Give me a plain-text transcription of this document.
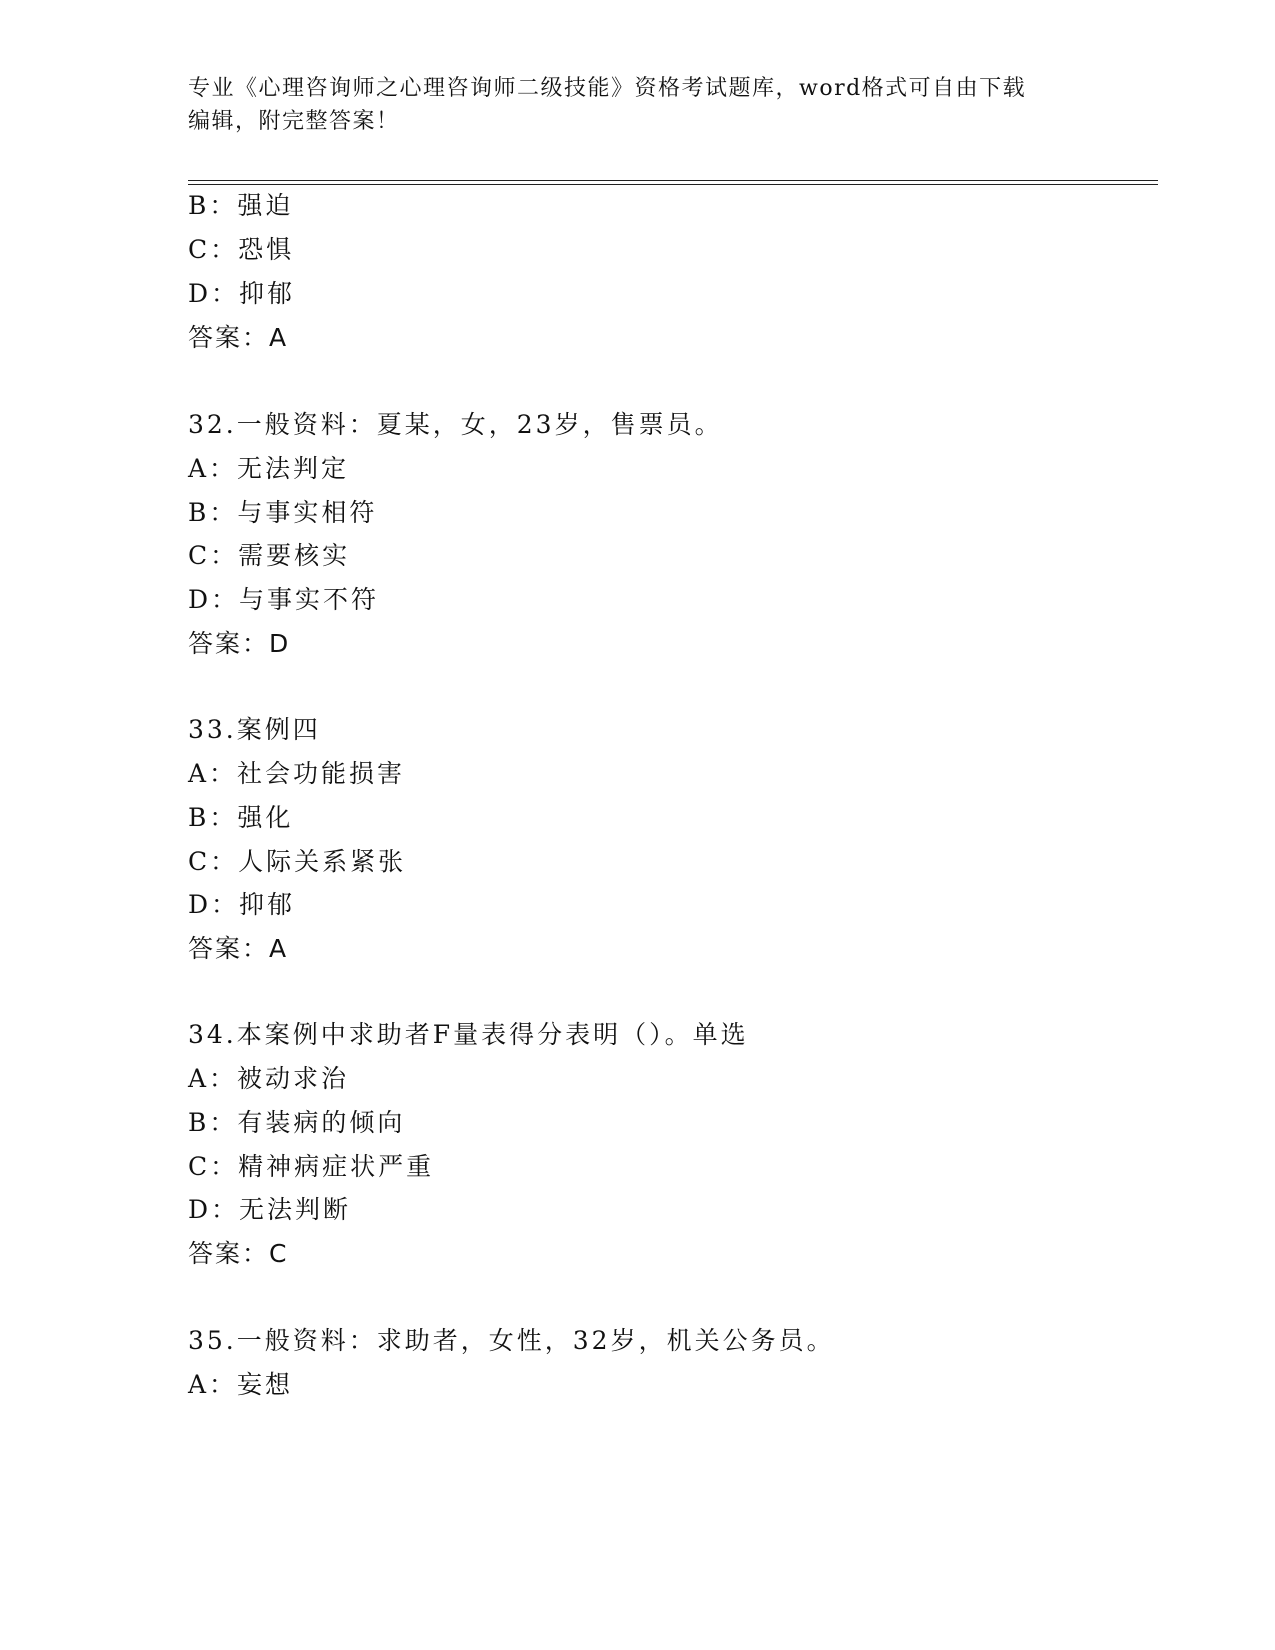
专业《心理咨询师之心理咨询师二级技能》资格考试题库，word格式可自由下载
编辑，附完整答案！
B：强迫
C：恐惧
D：抑郁
答案：A
32.一般资料：夏某，女，23岁，售票员。
A：无法判定
B：与事实相符
C：需要核实
D：与事实不符
答案：D
33.案例四
A：社会功能损害
B：强化
C：人际关系紧张
D：抑郁
答案：A
34.本案例中求助者F量表得分表明（）。单选
A：被动求治
B：有装病的倾向
C：精神病症状严重
D：无法判断
答案：C
35.一般资料：求助者，女性，32岁，机关公务员。
A：妄想
